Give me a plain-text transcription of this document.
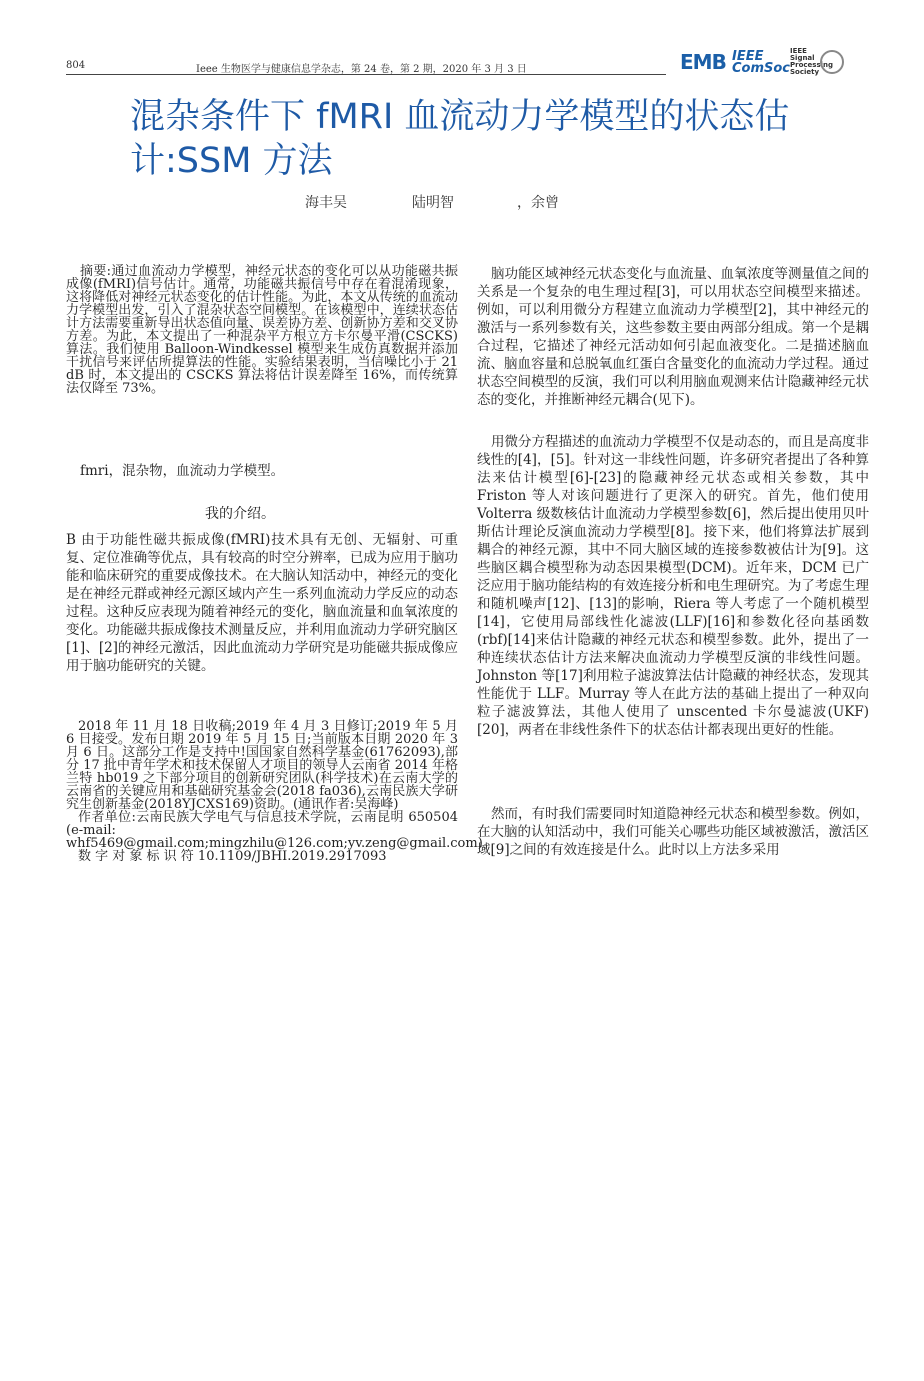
804	Ieee 生物医学与健康信息学杂志，第 24 卷，第 2 期，2020 年 3 月 3 日	EMB IEEE
ComSoc
IEEE
Signal
Processing
Society
混杂条件下 fMRI 血流动力学模型的状态估计:SSM 方法
海丰吴	陆明智	，余曾

摘要:通过血流动力学模型，神经元状态的变化可以从功能磁共振成像(fMRI)信号估计。通常，功能磁共振信号中存在着混淆现象，这将降低对神经元状态变化的估计性能。为此，本文从传统的血流动力学模型出发，引入了混杂状态空间模型。在该模型中，连续状态估计方法需要重新导出状态值向量、误差协方差、创新协方差和交叉协方差。为此，本文提出了一种混杂平方根立方卡尔曼平滑(CSCKS)算法。我们使用 Balloon-Windkessel 模型来生成仿真数据并添加干扰信号来评估所提算法的性能。实验结果表明，当信噪比小于 21 dB 时，本文提出的 CSCKS 算法将估计误差降至 16%，而传统算法仅降至 73%。

fmri，混杂物，血流动力学模型。
我的介绍。

B 由于功能性磁共振成像(fMRI)技术具有无创、无辐射、可重复、定位准确等优点，具有较高的时空分辨率，已成为应用于脑功能和临床研究的重要成像技术。在大脑认知活动中，神经元的变化是在神经元群或神经元源区域内产生一系列血流动力学反应的动态过程。这种反应表现为随着神经元的变化，脑血流量和血氧浓度的变化。功能磁共振成像技术测量反应，并利用血流动力学研究脑区[1]、[2]的神经元激活，因此血流动力学研究是功能磁共振成像应用于脑功能研究的关键。

2018 年 11 月 18 日收稿;2019 年 4 月 3 日修订;2019 年 5 月 6 日接受。发布日期 2019 年 5 月 15 日;当前版本日期 2020 年 3 月 6 日。这部分工作是支持中!国国家自然科学基金(61762093),部分 17 批中青年学术和技术保留人才项目的领导人云南省 2014 年格兰特 hb019 之下部分项目的创新研究团队(科学技术)在云南大学的云南省的关键应用和基础研究基金会(2018 fa036),云南民族大学研究生创新基金(2018YJCXS169)资助。(通讯作者:吴海峰)

作者单位:云南民族大学电气与信息技术学院，云南昆明 650504 (e-mail: whf5469@gmail.com;mingzhilu@126.com;yv.zeng@gmail.com)。

数 字 对 象 标 识 符 10.1109/JBHI.2019.2917093

脑功能区域神经元状态变化与血流量、血氧浓度等测量值之间的关系是一个复杂的电生理过程[3]，可以用状态空间模型来描述。例如，可以利用微分方程建立血流动力学模型[2]，其中神经元的激活与一系列参数有关，这些参数主要由两部分组成。第一个是耦合过程，它描述了神经元活动如何引起血液变化。二是描述脑血流、脑血容量和总脱氧血红蛋白含量变化的血流动力学过程。通过状态空间模型的反演，我们可以利用脑血观测来估计隐藏神经元状态的变化，并推断神经元耦合(见下)。

用微分方程描述的血流动力学模型不仅是动态的，而且是高度非线性的[4]，[5]。针对这一非线性问题，许多研究者提出了各种算法来估计模型[6]-[23]的隐藏神经元状态或相关参数，其中 Friston 等人对该问题进行了更深入的研究。首先，他们使用 Volterra 级数核估计血流动力学模型参数[6]，然后提出使用贝叶斯估计理论反演血流动力学模型[8]。接下来，他们将算法扩展到耦合的神经元源，其中不同大脑区域的连接参数被估计为[9]。这些脑区耦合模型称为动态因果模型(DCM)。近年来，DCM 已广泛应用于脑功能结构的有效连接分析和电生理研究。为了考虑生理和随机噪声[12]、[13]的影响，Riera 等人考虑了一个随机模型[14]，它使用局部线性化滤波(LLF)[16]和参数化径向基函数(rbf)[14]来估计隐藏的神经元状态和模型参数。此外，提出了一种连续状态估计方法来解决血流动力学模型反演的非线性问题。Johnston 等[17]利用粒子滤波算法估计隐藏的神经状态，发现其性能优于 LLF。Murray 等人在此方法的基础上提出了一种双向粒子滤波算法，其他人使用了 unscented 卡尔曼滤波(UKF)[20]，两者在非线性条件下的状态估计都表现出更好的性能。

然而，有时我们需要同时知道隐神经元状态和模型参数。例如，在大脑的认知活动中，我们可能关心哪些功能区域被激活，激活区域[9]之间的有效连接是什么。此时以上方法多采用
